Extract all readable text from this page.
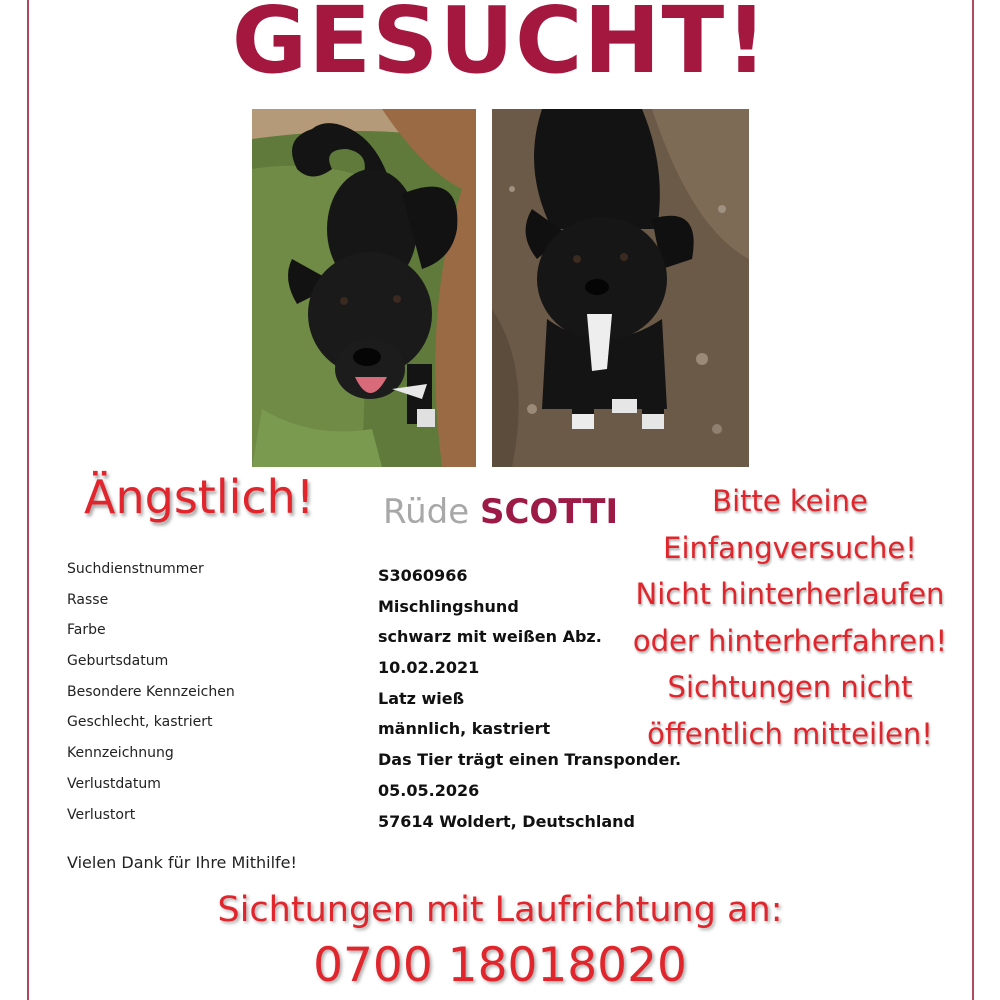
GESUCHT!
Ängstlich! Rüde SCOTTI	Bitte keine
Einfangversuche!
Nicht hinterherlaufen
oder hinterherfahren!
Sichtungen nicht
öffentlich mitteilen!
Suchdienstnummer	S3060966
Rasse	Mischlingshund
Farbe	schwarz mit weißen Abz.
Geburtsdatum	10.02.2021
Besondere Kennzeichen	Latz wieß
Geschlecht, kastriert	männlich, kastriert
Kennzeichnung	Das Tier trägt einen Transponder.
Verlustdatum	05.05.2026
Verlustort	57614 Woldert, Deutschland
Vielen Dank für Ihre Mithilfe!
Sichtungen mit Laufrichtung an:
0700 18018020
